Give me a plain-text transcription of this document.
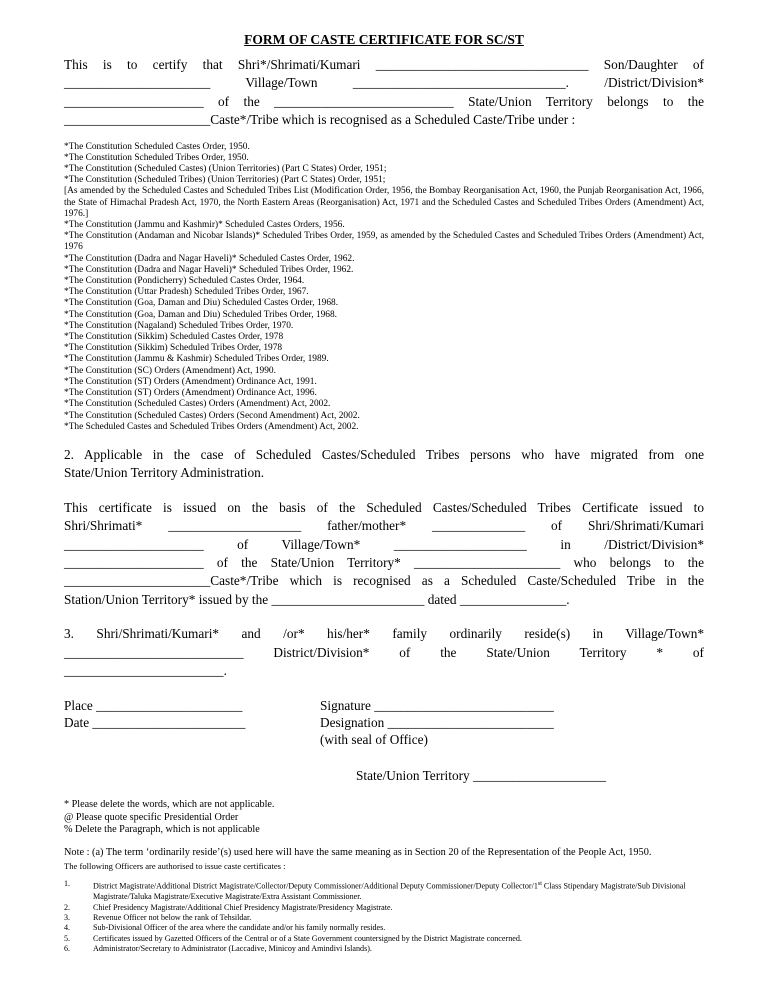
FORM OF CASTE CERTIFICATE FOR SC/ST
This is to certify that Shri*/Shrimati/Kumari ________________________________ Son/Daughter of
______________________ Village/Town ________________________________. /District/Division*
_____________________ of the ___________________________ State/Union Territory belongs to the
______________________Caste*/Tribe which is recognised as a Scheduled Caste/Tribe under :
*The Constitution Scheduled Castes Order, 1950.
*The Constitution Scheduled Tribes Order, 1950.
*The Constitution (Scheduled Castes) (Union Territories) (Part C States) Order, 1951;
*The Constitution (Scheduled Tribes) (Union Territories) (Part C States) Order, 1951;
[As amended by the Scheduled Castes and Scheduled Tribes List (Modification Order, 1956, the Bombay Reorganisation Act, 1960, the Punjab Reorganisation Act, 1966, the State of Himachal Pradesh Act, 1970, the North Eastern Areas (Reorganisation) Act, 1971 and the Scheduled Castes and Scheduled Tribes Orders (Amendment) Act, 1976.]
*The Constitution (Jammu and Kashmir)* Scheduled Castes Orders, 1956.
*The Constitution (Andaman and Nicobar Islands)* Scheduled Tribes Order, 1959, as amended by the Scheduled Castes and Scheduled Tribes Orders (Amendment) Act, 1976
*The Constitution (Dadra and Nagar Haveli)* Scheduled Castes Order, 1962.
*The Constitution (Dadra and Nagar Haveli)* Scheduled Tribes Order, 1962.
*The Constitution (Pondicherry) Scheduled Castes Order, 1964.
*The Constitution (Uttar Pradesh) Scheduled Tribes Order, 1967.
*The Constitution (Goa, Daman and Diu) Scheduled Castes Order, 1968.
*The Constitution (Goa, Daman and Diu) Scheduled Tribes Order, 1968.
*The Constitution (Nagaland) Scheduled Tribes Order, 1970.
*The Constitution (Sikkim) Scheduled Castes Order, 1978
*The Constitution (Sikkim) Scheduled Tribes Order, 1978
*The Constitution (Jammu & Kashmir) Scheduled Tribes Order, 1989.
*The Constitution (SC) Orders (Amendment) Act, 1990.
*The Constitution (ST) Orders (Amendment) Ordinance Act, 1991.
*The Constitution (ST) Orders (Amendment) Ordinance Act, 1996.
*The Constitution (Scheduled Castes) Orders (Amendment) Act, 2002.
*The Constitution (Scheduled Castes) Orders (Second Amendment) Act, 2002.
*The Scheduled Castes and Scheduled Tribes Orders (Amendment) Act, 2002.
2. Applicable in the case of Scheduled Castes/Scheduled Tribes persons who have migrated from one
State/Union Territory Administration.
This certificate is issued on the basis of the Scheduled Castes/Scheduled Tribes Certificate issued to
Shri/Shrimati* ____________________ father/mother* ______________ of Shri/Shrimati/Kumari
_____________________ of Village/Town* ____________________ in /District/Division*
_____________________ of the State/Union Territory* ______________________ who belongs to the
______________________Caste*/Tribe which is recognised as a Scheduled Caste/Scheduled Tribe in the
Station/Union Territory* issued by the _______________________ dated ________________.
3. Shri/Shrimati/Kumari* and /or* his/her* family ordinarily reside(s) in Village/Town*
___________________________ District/Division* of the State/Union Territory * of
________________________.
Place ______________________
Date _______________________
Signature ___________________________
Designation _________________________
(with seal of Office)
State/Union Territory ____________________
* Please delete the words, which are not applicable.
@ Please quote specific Presidential Order
% Delete the Paragraph, which is not applicable
Note : (a) The term ‘ordinarily reside’(s) used here will have the same meaning as in Section 20 of the Representation of the People Act, 1950.
The following Officers are authorised to issue caste certificates :
1.	District Magistrate/Additional District Magistrate/Collector/Deputy Commissioner/Additional Deputy Commissioner/Deputy Collector/1st Class Stipendary Magistrate/Sub Divisional Magistrate/Taluka Magistrate/Executive Magistrate/Extra Assistant Commissioner.
2.	Chief Presidency Magistrate/Additional Chief Presidency Magistrate/Presidency Magistrate.
3.	Revenue Officer not below the rank of Tehsildar.
4.	Sub-Divisional Officer of the area where the candidate and/or his family normally resides.
5.	Certificates issued by Gazetted Officers of the Central or of a State Government countersigned by the District Magistrate concerned.
6.	Administrator/Secretary to Administrator (Laccadive, Minicoy and Amindivi Islands).
